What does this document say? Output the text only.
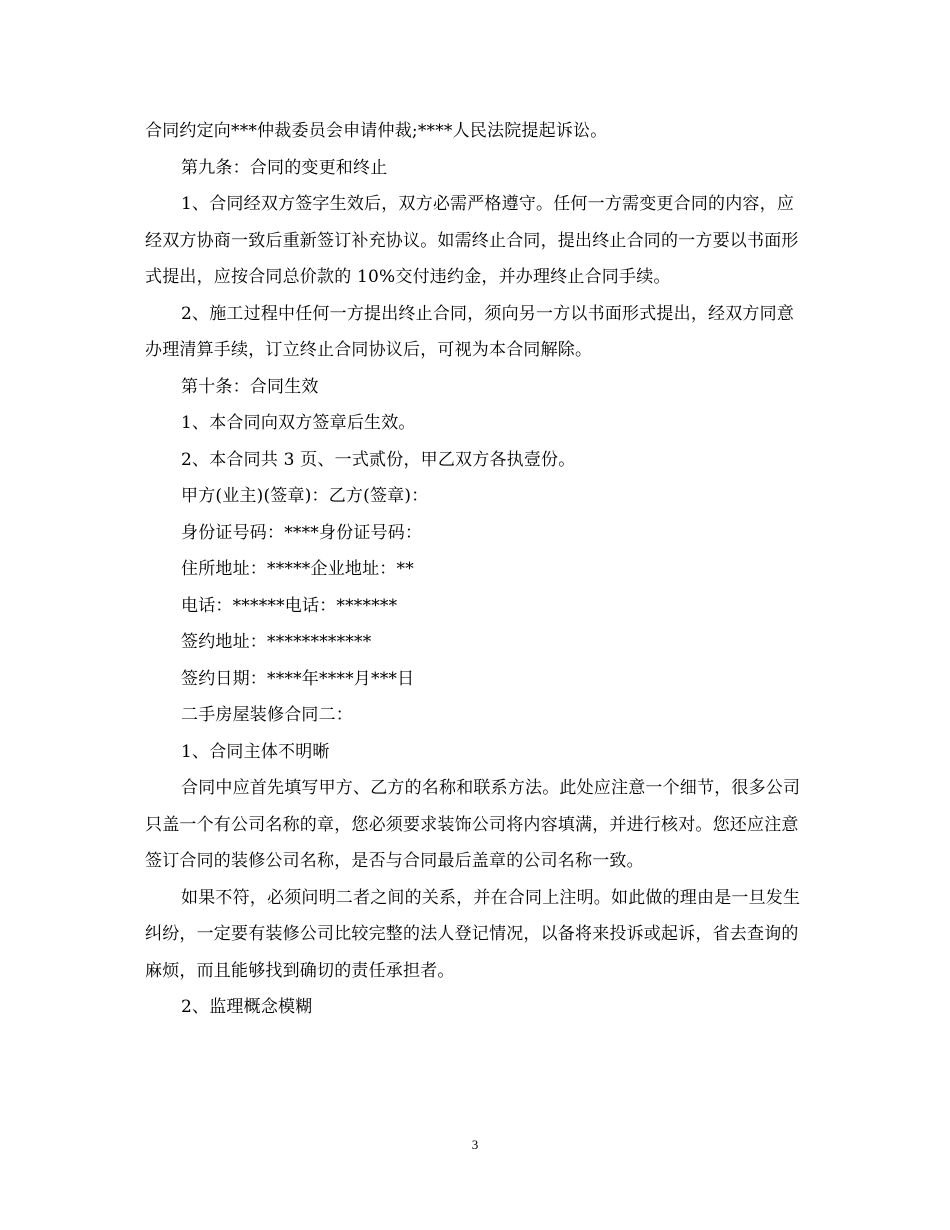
合同约定向***仲裁委员会申请仲裁;****人民法院提起诉讼。

第九条：合同的变更和终止

1、合同经双方签字生效后，双方必需严格遵守。任何一方需变更合同的内容，应经双方协商一致后重新签订补充协议。如需终止合同，提出终止合同的一方要以书面形式提出，应按合同总价款的 10%交付违约金，并办理终止合同手续。

2、施工过程中任何一方提出终止合同，须向另一方以书面形式提出，经双方同意办理清算手续，订立终止合同协议后，可视为本合同解除。

第十条：合同生效

1、本合同向双方签章后生效。

2、本合同共 3 页、一式贰份，甲乙双方各执壹份。

甲方(业主)(签章)：乙方(签章)：

身份证号码：****身份证号码：

住所地址：*****企业地址：**

电话：******电话：*******

签约地址：************

签约日期：****年****月***日

二手房屋装修合同二：

1、合同主体不明晰

合同中应首先填写甲方、乙方的名称和联系方法。此处应注意一个细节，很多公司只盖一个有公司名称的章，您必须要求装饰公司将内容填满，并进行核对。您还应注意签订合同的装修公司名称，是否与合同最后盖章的公司名称一致。

如果不符，必须问明二者之间的关系，并在合同上注明。如此做的理由是一旦发生纠纷，一定要有装修公司比较完整的法人登记情况，以备将来投诉或起诉，省去查询的麻烦，而且能够找到确切的责任承担者。

2、监理概念模糊

3
